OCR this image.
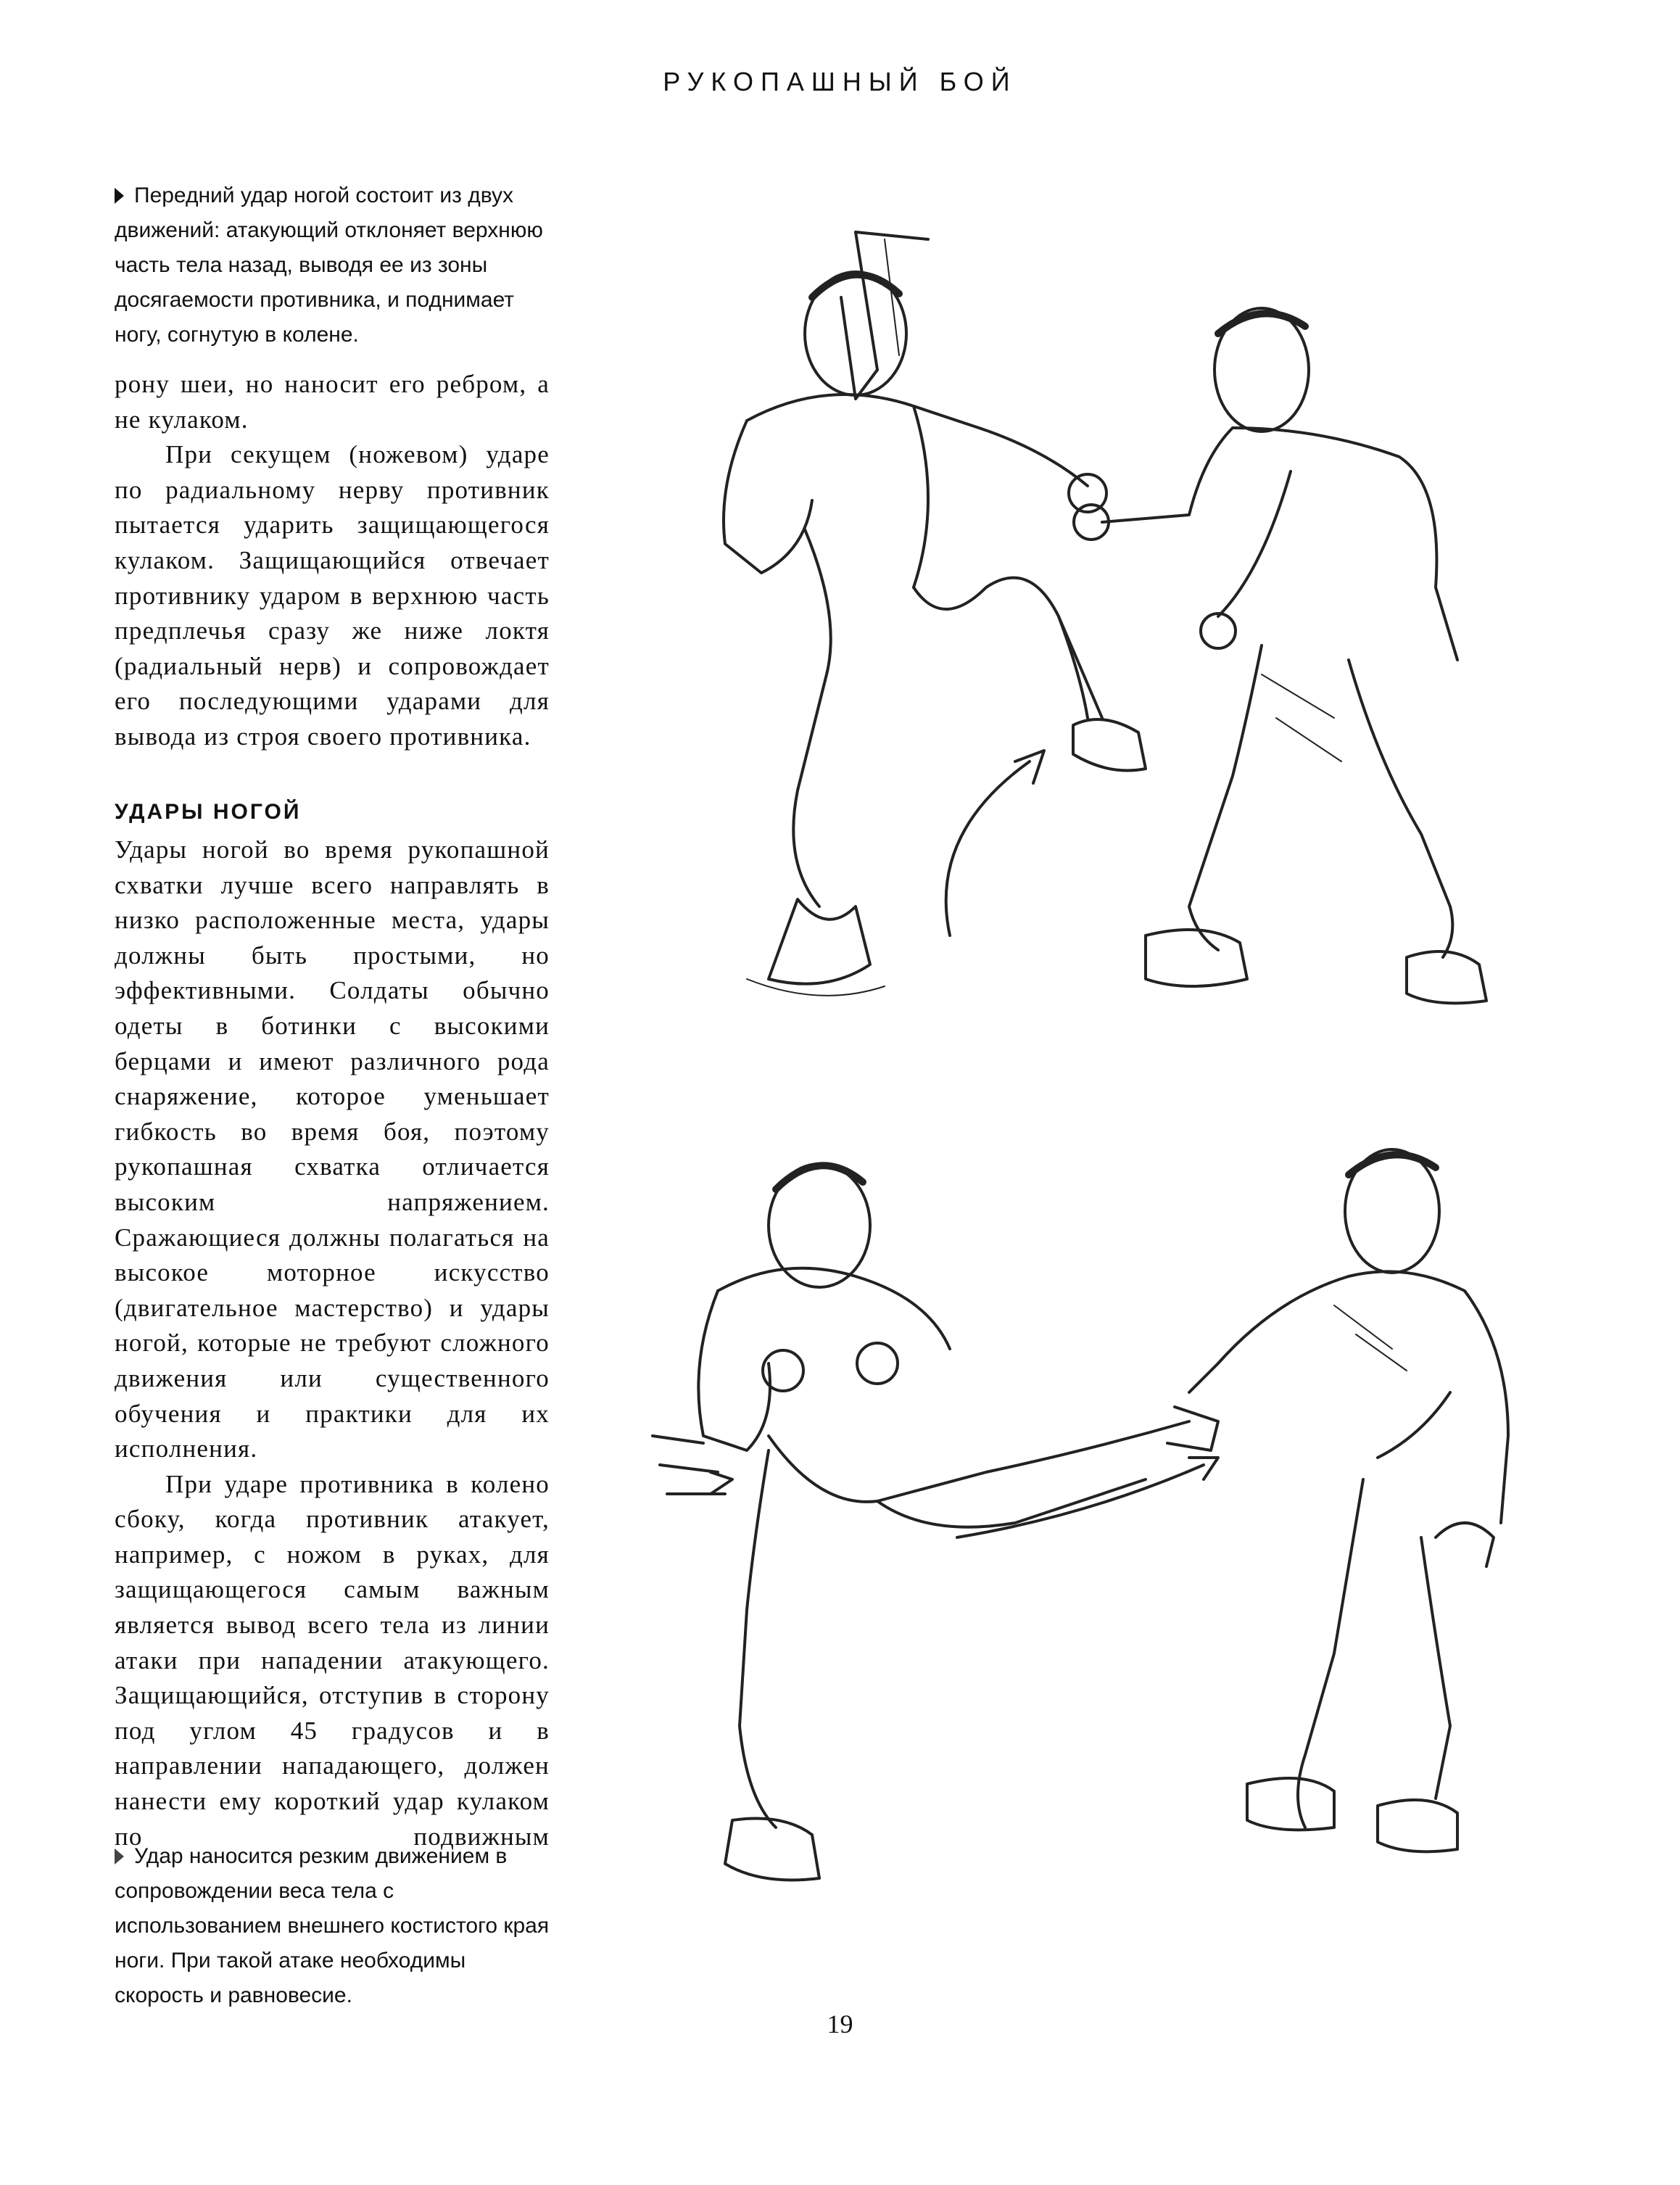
РУКОПАШНЫЙ БОЙ
Передний удар ногой состоит из двух движений: атакующий отклоняет верхнюю часть тела назад, выводя ее из зоны досягаемости противника, и поднимает ногу, согнутую в колене.

рону шеи, но наносит его ребром, а не кулаком.

При секущем (ножевом) ударе по радиальному нерву противник пытается ударить защищающегося кулаком. Защищающийся отвечает противнику ударом в верхнюю часть предплечья сразу же ниже локтя (радиальный нерв) и сопровождает его последующими ударами для вывода из строя своего противника.

УДАРЫ НОГОЙ

Удары ногой во время рукопашной схватки лучше всего направлять в низко расположенные места, удары должны быть простыми, но эффективными. Солдаты обычно одеты в ботинки с высокими берцами и имеют различного рода снаряжение, которое уменьшает гибкость во время боя, поэтому рукопашная схватка отличается высоким напряжением. Сражающиеся должны полагаться на высокое моторное искусство (двигательное мастерство) и удары ногой, которые не требуют сложного движения или существенного обучения и практики для их исполнения.

При ударе противника в колено сбоку, когда противник атакует, например, с ножом в руках, для защищающегося самым важным является вывод всего тела из линии атаки при нападении атакующего. Защищающийся, отступив в сторону под углом 45 градусов и в направлении нападающего, должен нанести ему короткий удар кулаком по подвижным

Удар наносится резким движением в сопровождении веса тела с использованием внешнего костистого края ноги. При такой атаке необходимы скорость и равновесие.
19
